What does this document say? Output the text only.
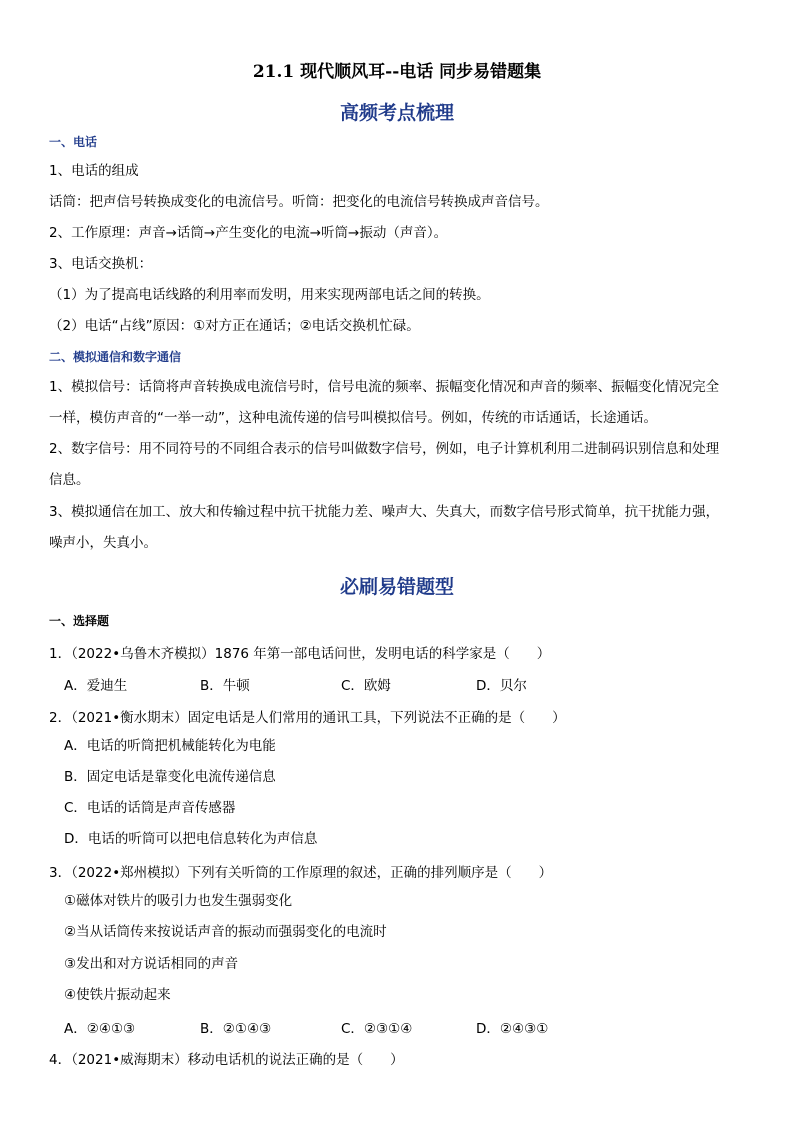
21.1 现代顺风耳--电话 同步易错题集
高频考点梳理
一、电话
1、电话的组成
话筒：把声信号转换成变化的电流信号。听筒：把变化的电流信号转换成声音信号。
2、工作原理：声音→话筒→产生变化的电流→听筒→振动（声音）。
3、电话交换机：
（1）为了提高电话线路的利用率而发明，用来实现两部电话之间的转换。
（2）电话“占线”原因：①对方正在通话；②电话交换机忙碌。
二、模拟通信和数字通信
1、模拟信号：话筒将声音转换成电流信号时，信号电流的频率、振幅变化情况和声音的频率、振幅变化情况完全
一样，模仿声音的“一举一动”，这种电流传递的信号叫模拟信号。例如，传统的市话通话，长途通话。
2、数字信号：用不同符号的不同组合表示的信号叫做数字信号，例如，电子计算机利用二进制码识别信息和处理
信息。
3、模拟通信在加工、放大和传输过程中抗干扰能力差、噪声大、失真大，而数字信号形式简单，抗干扰能力强，
噪声小，失真小。
必刷易错题型
一、选择题
1．（2022•乌鲁木齐模拟）1876 年第一部电话问世，发明电话的科学家是（　　）
A．爱迪生	B．牛顿	C．欧姆	D．贝尔
2．（2021•衡水期末）固定电话是人们常用的通讯工具，下列说法不正确的是（　　）
A．电话的听筒把机械能转化为电能
B．固定电话是靠变化电流传递信息
C．电话的话筒是声音传感器
D．电话的听筒可以把电信息转化为声信息
3．（2022•郑州模拟）下列有关听筒的工作原理的叙述，正确的排列顺序是（　　）
①磁体对铁片的吸引力也发生强弱变化
②当从话筒传来按说话声音的振动而强弱变化的电流时
③发出和对方说话相同的声音
④使铁片振动起来
A．②④①③	B．②①④③	C．②③①④	D．②④③①
4．（2021•威海期末）移动电话机的说法正确的是（　　）
